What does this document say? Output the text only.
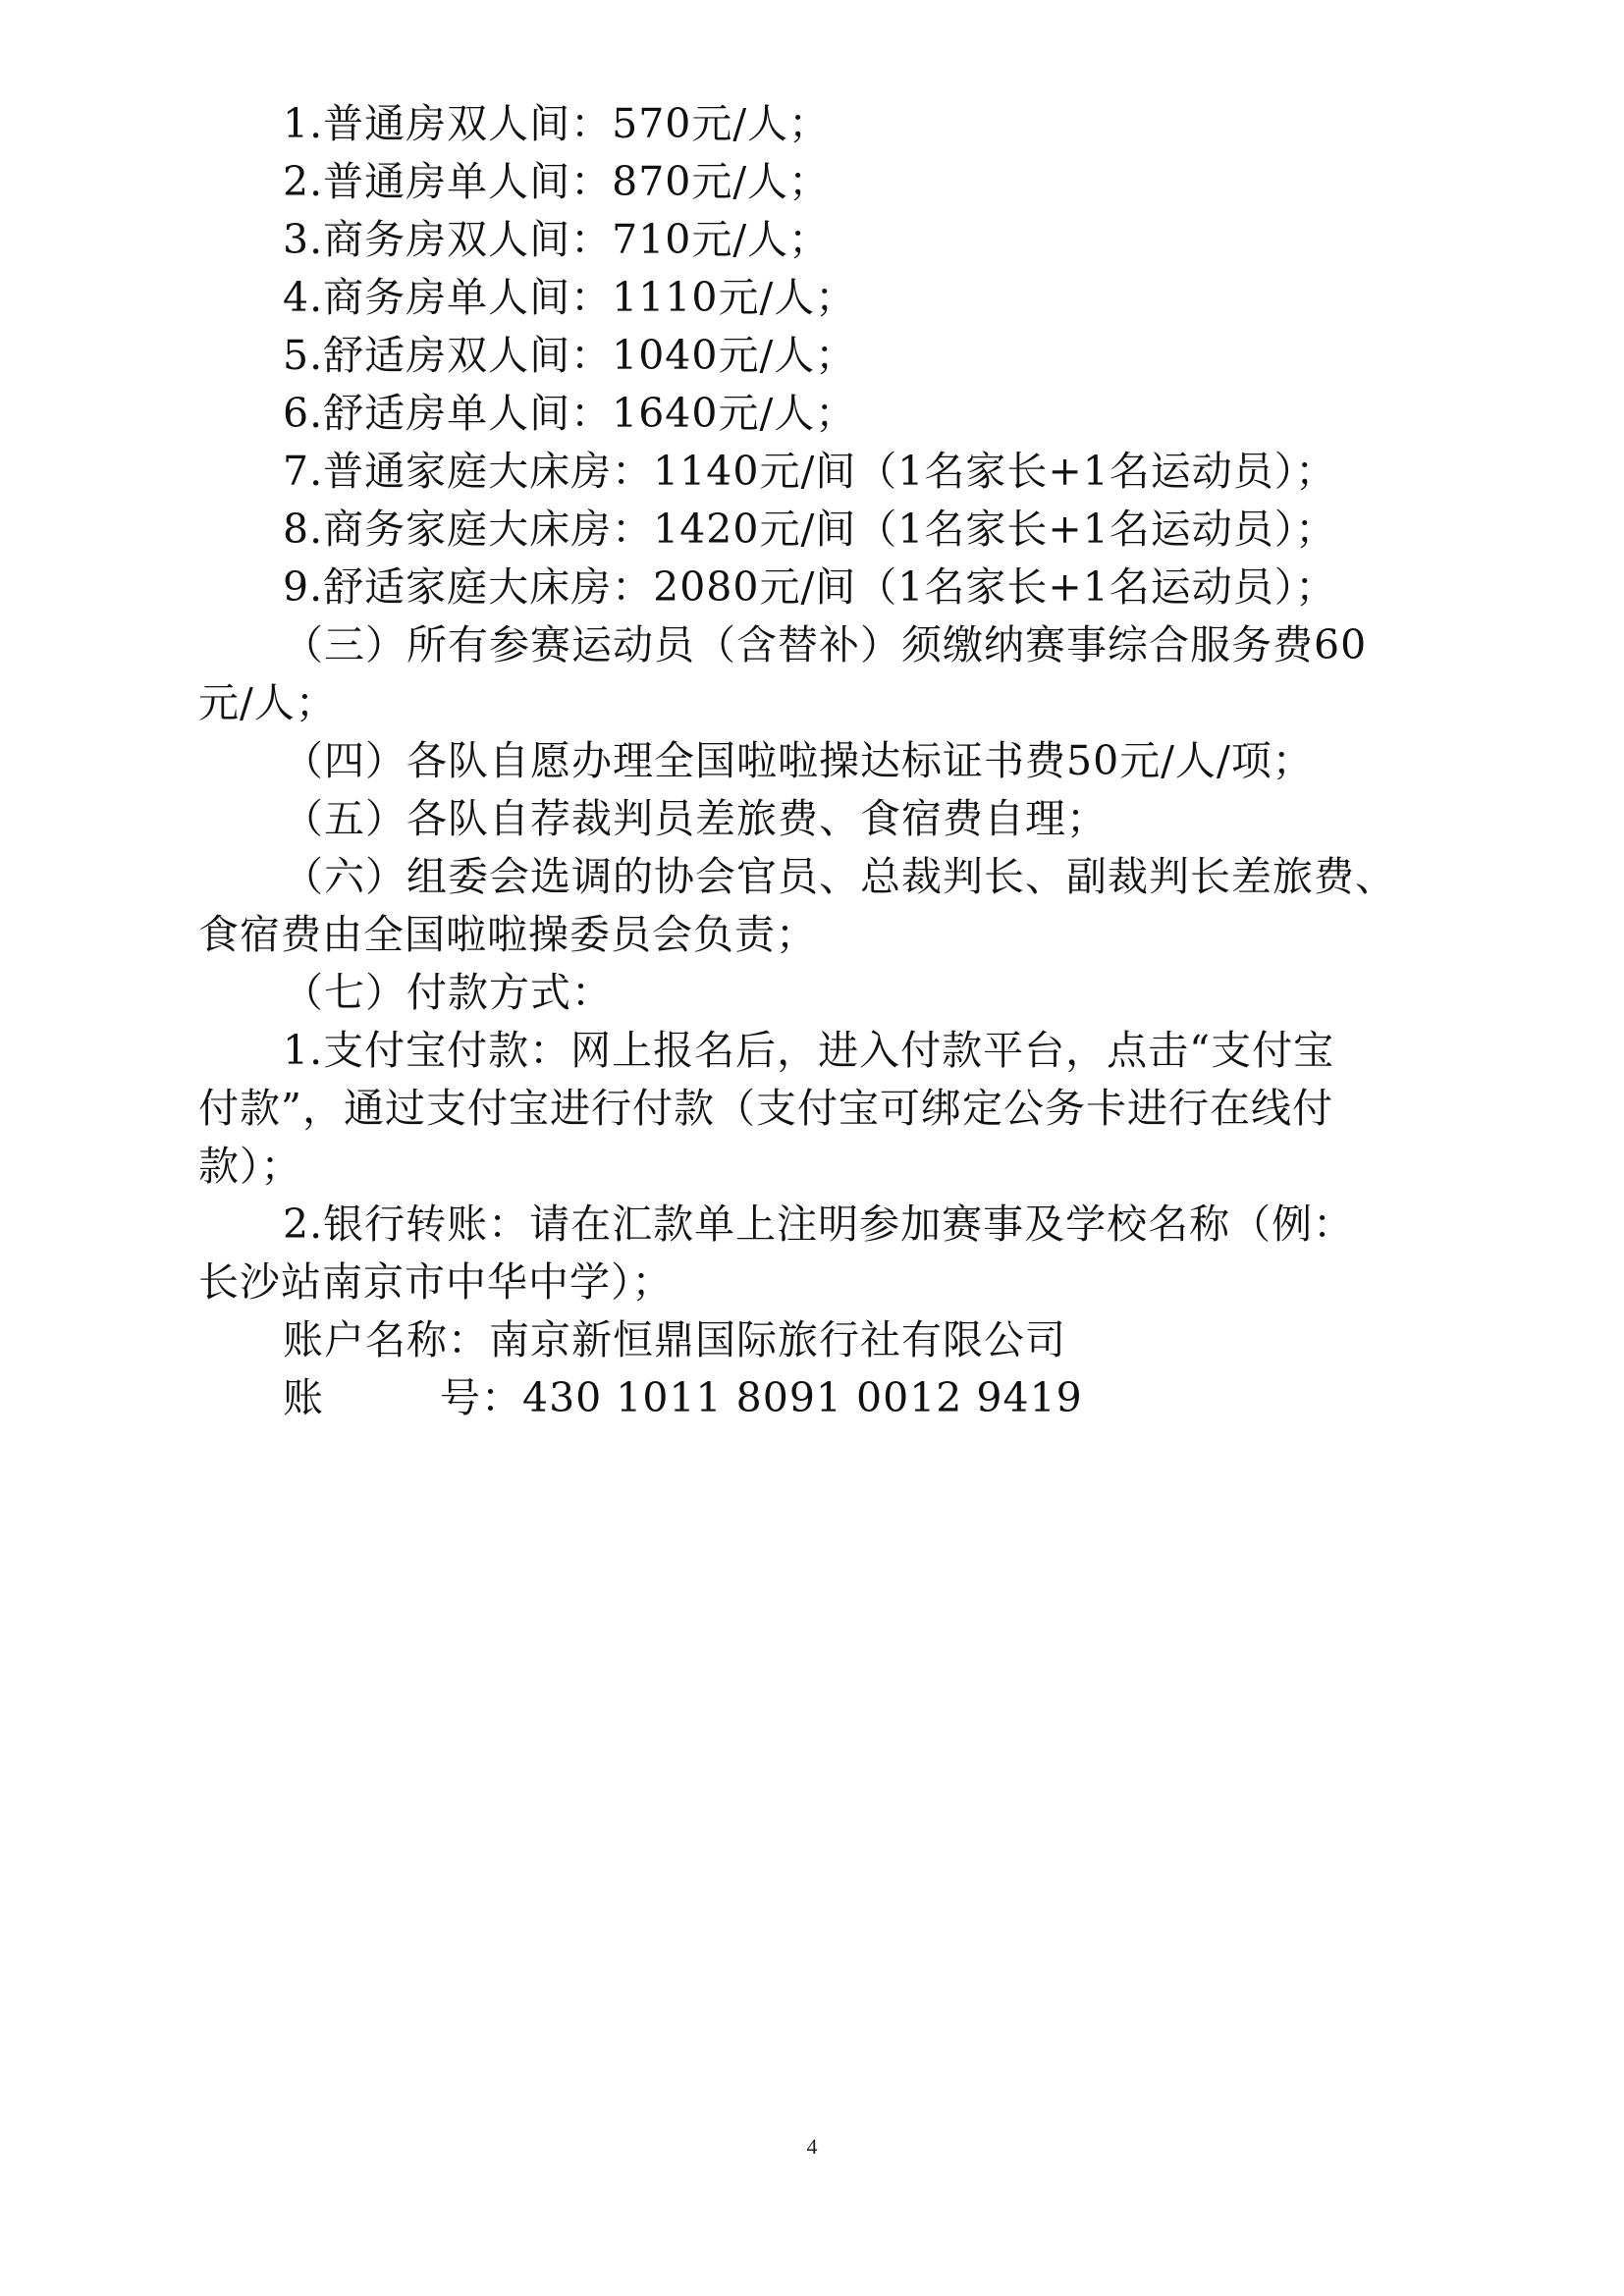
1.普通房双人间：570元/人；
2.普通房单人间：870元/人；
3.商务房双人间：710元/人；
4.商务房单人间：1110元/人；
5.舒适房双人间：1040元/人；
6.舒适房单人间：1640元/人；
7.普通家庭大床房：1140元/间（1名家长+1名运动员）；
8.商务家庭大床房：1420元/间（1名家长+1名运动员）；
9.舒适家庭大床房：2080元/间（1名家长+1名运动员）；
（三）所有参赛运动员（含替补）须缴纳赛事综合服务费60
元/人；
（四）各队自愿办理全国啦啦操达标证书费50元/人/项；
（五）各队自荐裁判员差旅费、食宿费自理；
（六）组委会选调的协会官员、总裁判长、副裁判长差旅费、
食宿费由全国啦啦操委员会负责；
（七）付款方式：
1.支付宝付款：网上报名后，进入付款平台，点击“支付宝
付款”，通过支付宝进行付款（支付宝可绑定公务卡进行在线付
款）；
2.银行转账：请在汇款单上注明参加赛事及学校名称（例：
长沙站南京市中华中学）；
账户名称：南京新恒鼎国际旅行社有限公司
账	号：430 1011 8091 0012 9419
4
